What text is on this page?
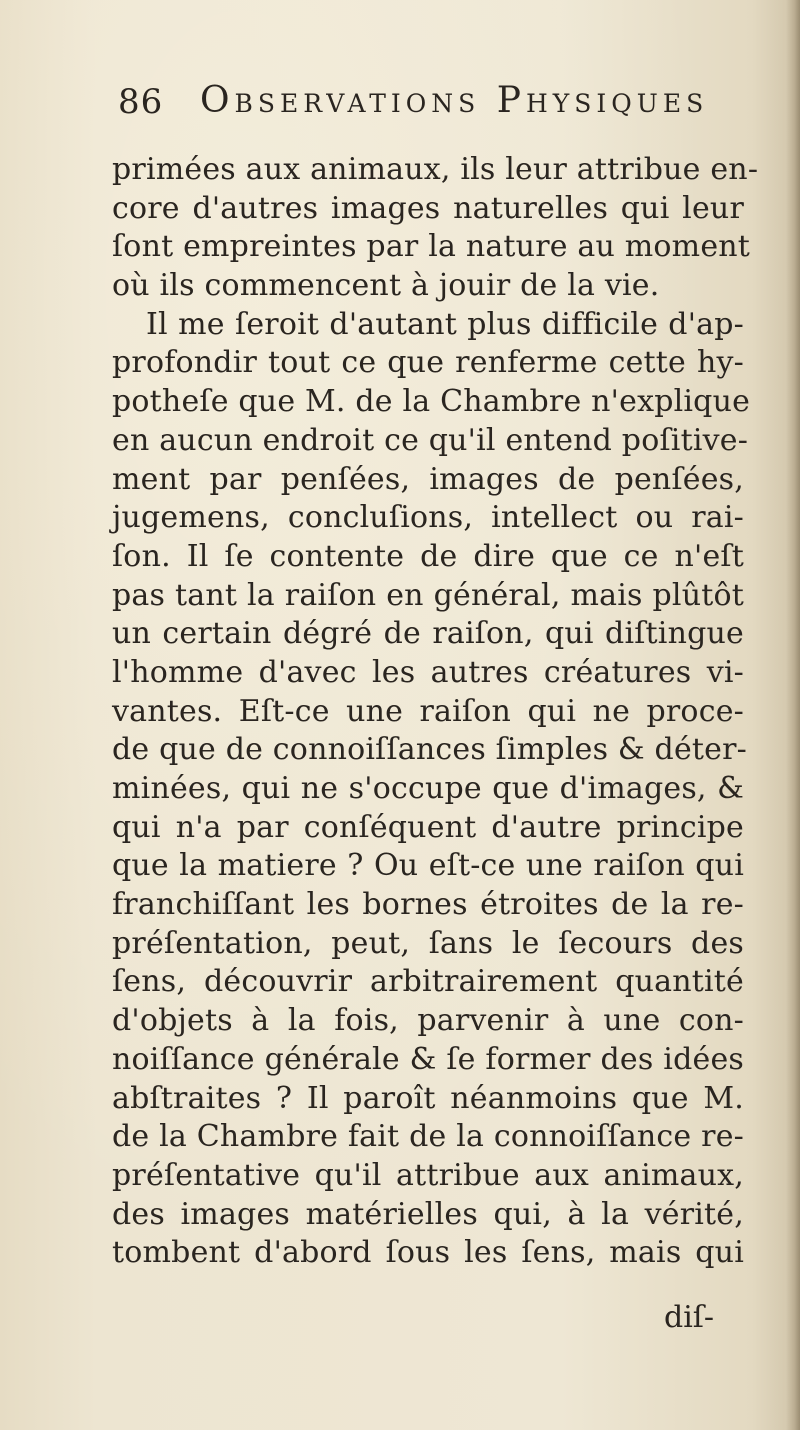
86 Observations Physiques
primées aux animaux, ils leur attribue en-
core d'autres images naturelles qui leur
ſont empreintes par la nature au moment
où ils commencent à jouir de la vie.
Il me ſeroit d'autant plus difficile d'ap-
profondir tout ce que renferme cette hy-
potheſe que M. de la Chambre n'explique
en aucun endroit ce qu'il entend poſitive-
ment par penſées, images de penſées,
jugemens, concluſions, intellect ou rai-
ſon. Il ſe contente de dire que ce n'eſt
pas tant la raiſon en général, mais plûtôt
un certain dégré de raiſon, qui diſtingue
l'homme d'avec les autres créatures vi-
vantes. Eſt-ce une raiſon qui ne proce-
de que de connoiſſances ſimples & déter-
minées, qui ne s'occupe que d'images, &
qui n'a par conſéquent d'autre principe
que la matiere ? Ou eſt-ce une raiſon qui
franchiſſant les bornes étroites de la re-
préſentation, peut, ſans le ſecours des
ſens, découvrir arbitrairement quantité
d'objets à la fois, parvenir à une con-
noiſſance générale & ſe former des idées
abſtraites ? Il paroît néanmoins que M.
de la Chambre fait de la connoiſſance re-
préſentative qu'il attribue aux animaux,
des images matérielles qui, à la vérité,
tombent d'abord ſous les ſens, mais qui
diſ-
